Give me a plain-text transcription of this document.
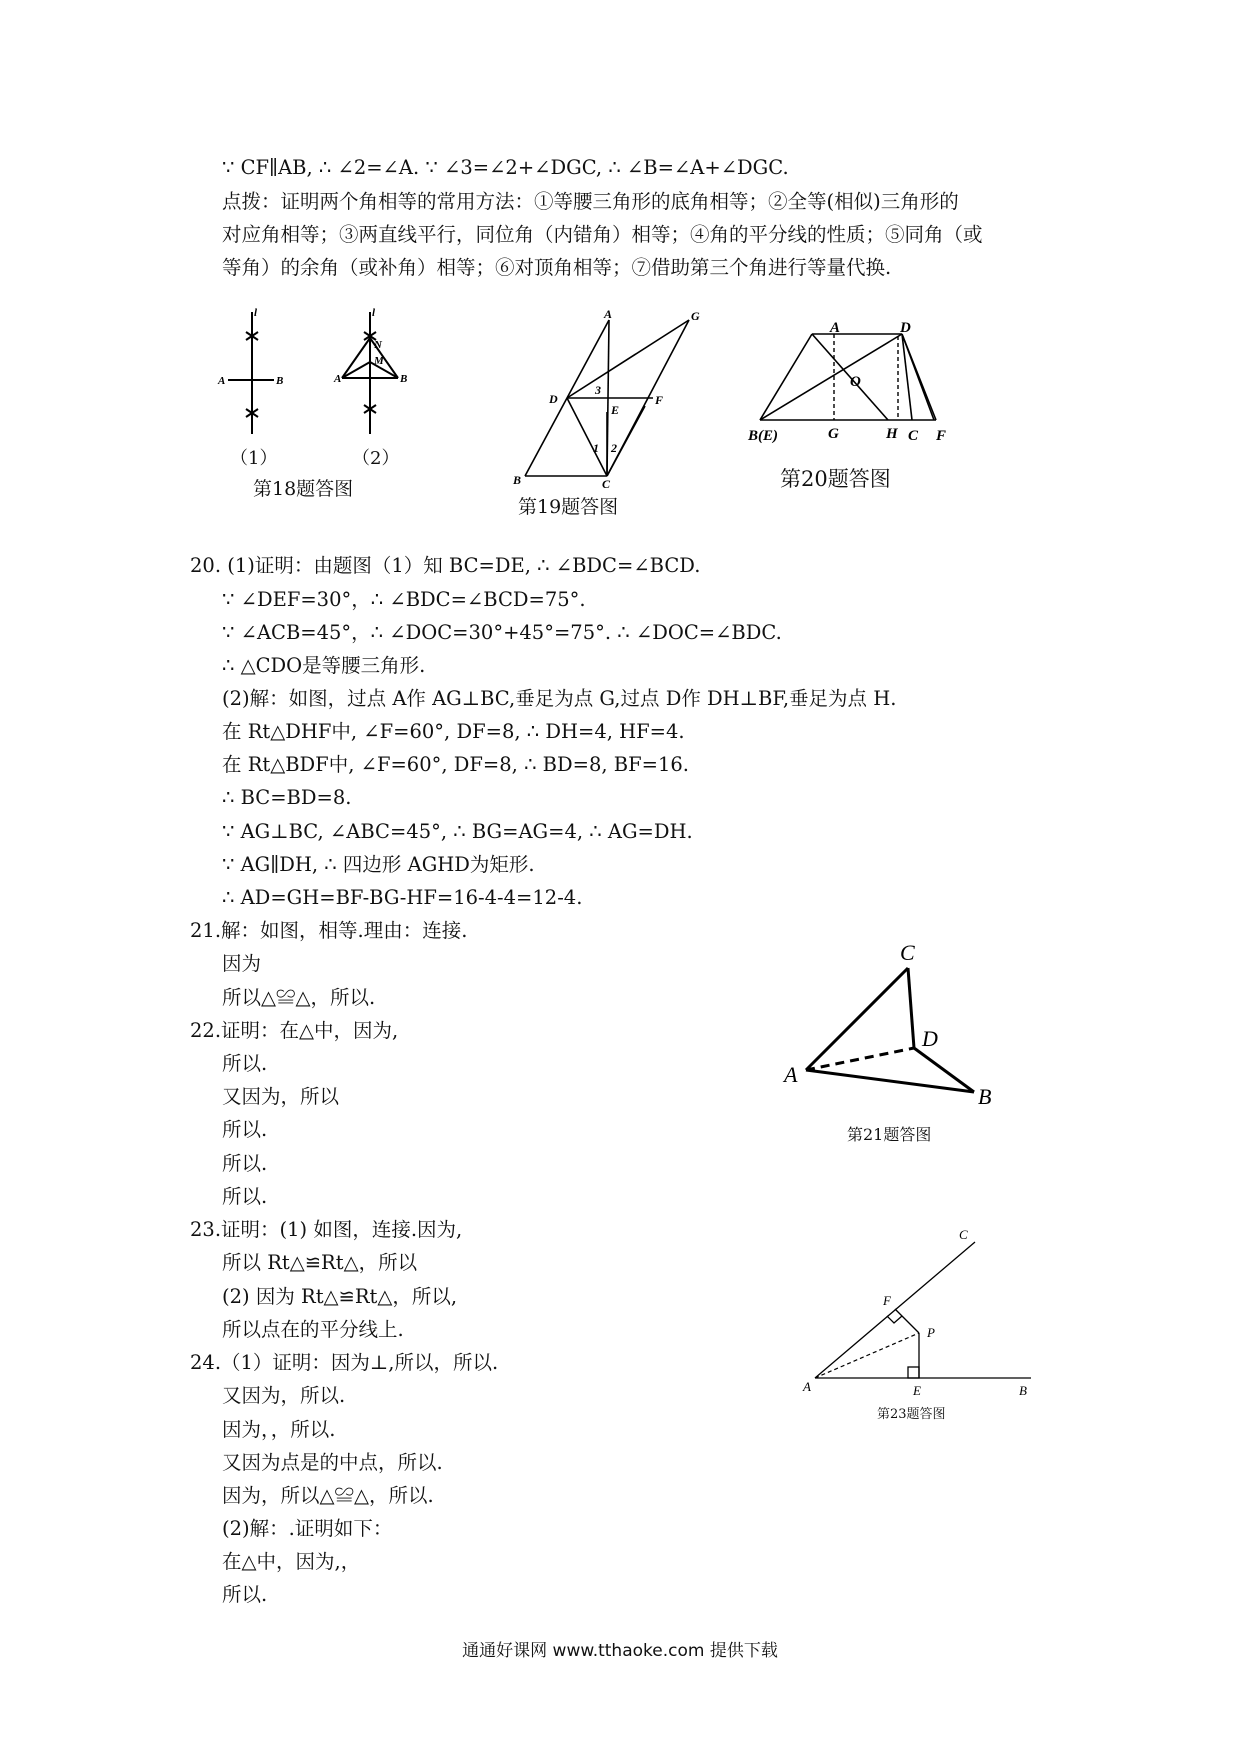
∵ CF∥AB, ∴ ∠2=∠A. ∵ ∠3=∠2+∠DGC, ∴ ∠B=∠A+∠DGC.
点拨：证明两个角相等的常用方法：①等腰三角形的底角相等；②全等(相似)三角形的
对应角相等；③两直线平行，同位角（内错角）相等；④角的平分线的性质；⑤同角（或
等角）的余角（或补角）相等；⑥对顶角相等；⑦借助第三个角进行等量代换.
l
A	B
l
N
M
A	B
（1）	（2）
第18题答图
A	G
D
E
F
B	C
3
1 2
第19题答图
A	D
O
B(E)	G	H C F
第20题答图
20. (1)证明：由题图（1）知 BC=DE, ∴ ∠BDC=∠BCD.
∵ ∠DEF=30°，∴ ∠BDC=∠BCD=75°.
∵ ∠ACB=45°，∴ ∠DOC=30°+45°=75°. ∴ ∠DOC=∠BDC.
∴ △CDO是等腰三角形.
(2)解：如图，过点 A作 AG⊥BC,垂足为点 G,过点 D作 DH⊥BF,垂足为点 H.
在 Rt△DHF中, ∠F=60°, DF=8, ∴ DH=4, HF=4.
在 Rt△BDF中, ∠F=60°, DF=8, ∴ BD=8, BF=16.
∴ BC=BD=8.
∵ AG⊥BC, ∠ABC=45°, ∴ BG=AG=4, ∴ AG=DH.
∵ AG∥DH, ∴ 四边形 AGHD为矩形.
∴ AD=GH=BF-BG-HF=16-4-4=12-4.
21.解：如图，相等.理由：连接.
因为
所以△≌△，所以.
22.证明：在△中，因为,
所以.
又因为，所以
所以.
所以.
所以.
23.证明：(1) 如图，连接.因为,
所以 Rt△≌Rt△，所以
(2) 因为 Rt△≌Rt△，所以,
所以点在的平分线上.
24.（1）证明：因为⊥,所以，所以.
又因为，所以.
因为，，所以.
又因为点是的中点，所以.
因为，所以△≌△，所以.
(2)解：.证明如下：
在△中，因为,，
所以.
A
B
C
D
第21题答图
A	B
C
E
F
P
第23题答图
通通好课网 www.tthaoke.com 提供下载
